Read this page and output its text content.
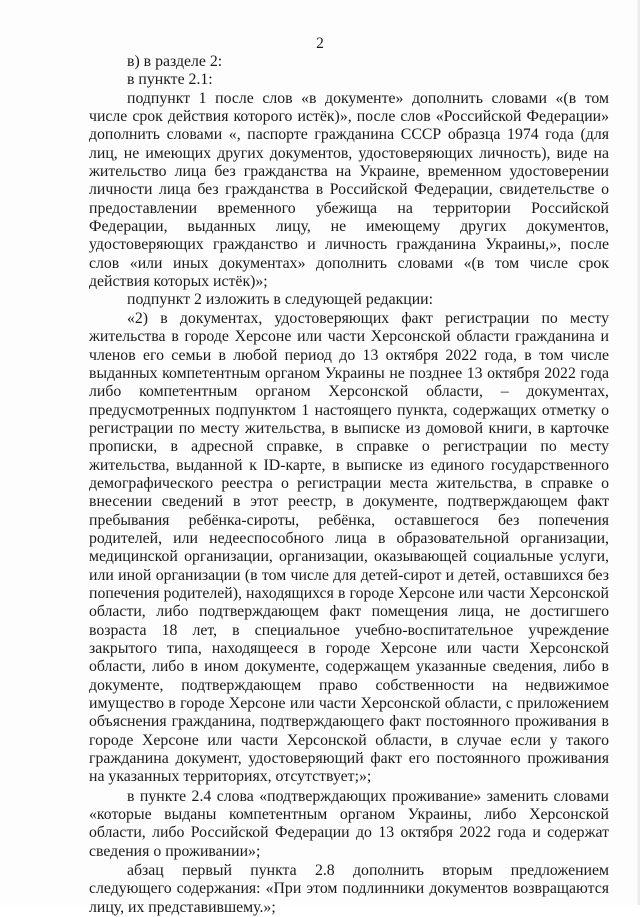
2

в) в разделе 2:

в пункте 2.1:

подпункт 1 после слов «в документе» дополнить словами «(в том числе срок действия которого истёк)», после слов «Российской Федерации» дополнить словами «, паспорте гражданина СССР образца 1974 года (для лиц, не имеющих других документов, удостоверяющих личность), виде на жительство лица без гражданства на Украине, временном удостоверении личности лица без гражданства в Российской Федерации, свидетельстве о предоставлении временного убежища на территории Российской Федерации, выданных лицу, не имеющему других документов, удостоверяющих гражданство и личность гражданина Украины,», после слов «или иных документах» дополнить словами «(в том числе срок действия которых истёк)»;

подпункт 2 изложить в следующей редакции:

«2) в документах, удостоверяющих факт регистрации по месту жительства в городе Херсоне или части Херсонской области гражданина и членов его семьи в любой период до 13 октября 2022 года, в том числе выданных компетентным органом Украины не позднее 13 октября 2022 года либо компетентным органом Херсонской области, – документах, предусмотренных подпунктом 1 настоящего пункта, содержащих отметку о регистрации по месту жительства, в выписке из домовой книги, в карточке прописки, в адресной справке, в справке о регистрации по месту жительства, выданной к ID-карте, в выписке из единого государственного демографического реестра о регистрации места жительства, в справке о внесении сведений в этот реестр, в документе, подтверждающем факт пребывания ребёнка-сироты, ребёнка, оставшегося без попечения родителей, или недееспособного лица в образовательной организации, медицинской организации, организации, оказывающей социальные услуги, или иной организации (в том числе для детей-сирот и детей, оставшихся без попечения родителей), находящихся в городе Херсоне или части Херсонской области, либо подтверждающем факт помещения лица, не достигшего возраста 18 лет, в специальное учебно-воспитательное учреждение закрытого типа, находящееся в городе Херсоне или части Херсонской области, либо в ином документе, содержащем указанные сведения, либо в документе, подтверждающем право собственности на недвижимое имущество в городе Херсоне или части Херсонской области, с приложением объяснения гражданина, подтверждающего факт постоянного проживания в городе Херсоне или части Херсонской области, в случае если у такого гражданина документ, удостоверяющий факт его постоянного проживания на указанных территориях, отсутствует;»;

в пункте 2.4 слова «подтверждающих проживание» заменить словами «которые выданы компетентным органом Украины, либо Херсонской области, либо Российской Федерации до 13 октября 2022 года и содержат сведения о проживании»;

абзац первый пункта 2.8 дополнить вторым предложением следующего содержания: «При этом подлинники документов возвращаются лицу, их представившему.»;
